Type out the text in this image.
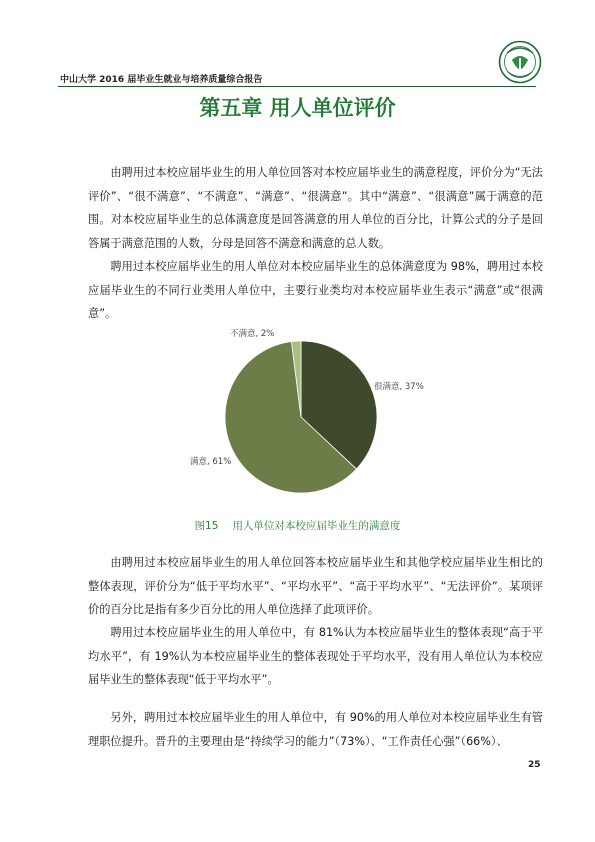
中山大学 2016 届毕业生就业与培养质量综合报告
第五章 用人单位评价

由聘用过本校应届毕业生的用人单位回答对本校应届毕业生的满意程度，评价分为“无法评价”、“很不满意”、“不满意”、“满意”、“很满意”。其中“满意”、“很满意”属于满意的范围。对本校应届毕业生的总体满意度是回答满意的用人单位的百分比，计算公式的分子是回答属于满意范围的人数，分母是回答不满意和满意的总人数。

聘用过本校应届毕业生的用人单位对本校应届毕业生的总体满意度为 98%，聘用过本校应届毕业生的不同行业类用人单位中，主要行业类均对本校应届毕业生表示“满意”或“很满意”。

很满意, 37%
满意, 61%
不满意, 2%
图15 用人单位对本校应届毕业生的满意度

由聘用过本校应届毕业生的用人单位回答本校应届毕业生和其他学校应届毕业生相比的整体表现，评价分为“低于平均水平”、“平均水平”、“高于平均水平”、“无法评价”。某项评价的百分比是指有多少百分比的用人单位选择了此项评价。

聘用过本校应届毕业生的用人单位中，有 81%认为本校应届毕业生的整体表现“高于平均水平”，有 19%认为本校应届毕业生的整体表现处于平均水平，没有用人单位认为本校应届毕业生的整体表现“低于平均水平”。

另外，聘用过本校应届毕业生的用人单位中，有 90%的用人单位对本校应届毕业生有管理职位提升。晋升的主要理由是“持续学习的能力”（73%）、“工作责任心强”（66%）、

25
